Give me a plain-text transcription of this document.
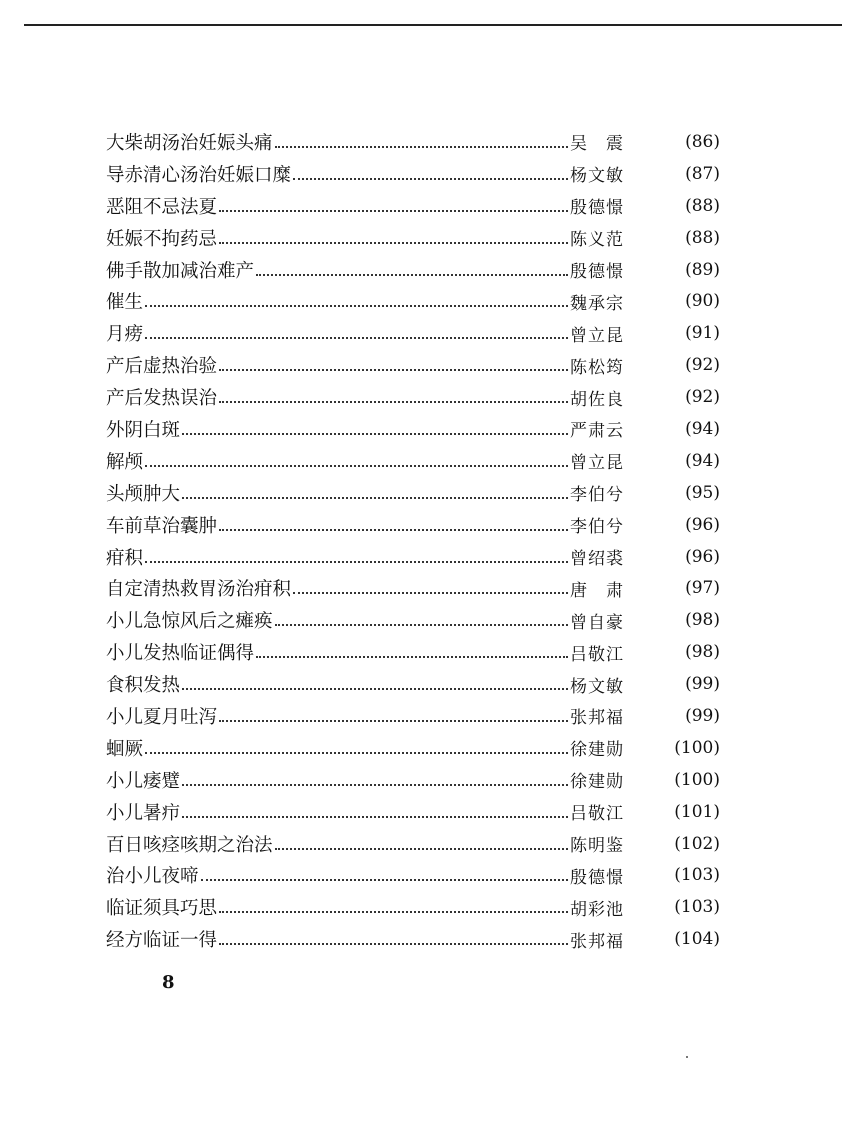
大柴胡汤治妊娠头痛	吴　震	(86)
导赤清心汤治妊娠口糜	杨文敏	(87)
恶阻不忌法夏	殷德憬	(88)
妊娠不拘药忌	陈义范	(88)
佛手散加减治难产	殷德憬	(89)
催生	魏承宗	(90)
月痨	曾立昆	(91)
产后虚热治验	陈松筠	(92)
产后发热误治	胡佐良	(92)
外阴白斑	严肃云	(94)
解颅	曾立昆	(94)
头颅肿大	李伯兮	(95)
车前草治囊肿	李伯兮	(96)
疳积	曾绍裘	(96)
自定清热救胃汤治疳积	唐　肃	(97)
小儿急惊风后之瘫痪	曾自豪	(98)
小儿发热临证偶得	吕敬江	(98)
食积发热	杨文敏	(99)
小儿夏月吐泻	张邦福	(99)
蛔厥	徐建勋	(100)
小儿痿躄	徐建勋	(100)
小儿暑疖	吕敬江	(101)
百日咳痉咳期之治法	陈明鉴	(102)
治小儿夜啼	殷德憬	(103)
临证须具巧思	胡彩池	(103)
经方临证一得	张邦福	(104)
8
